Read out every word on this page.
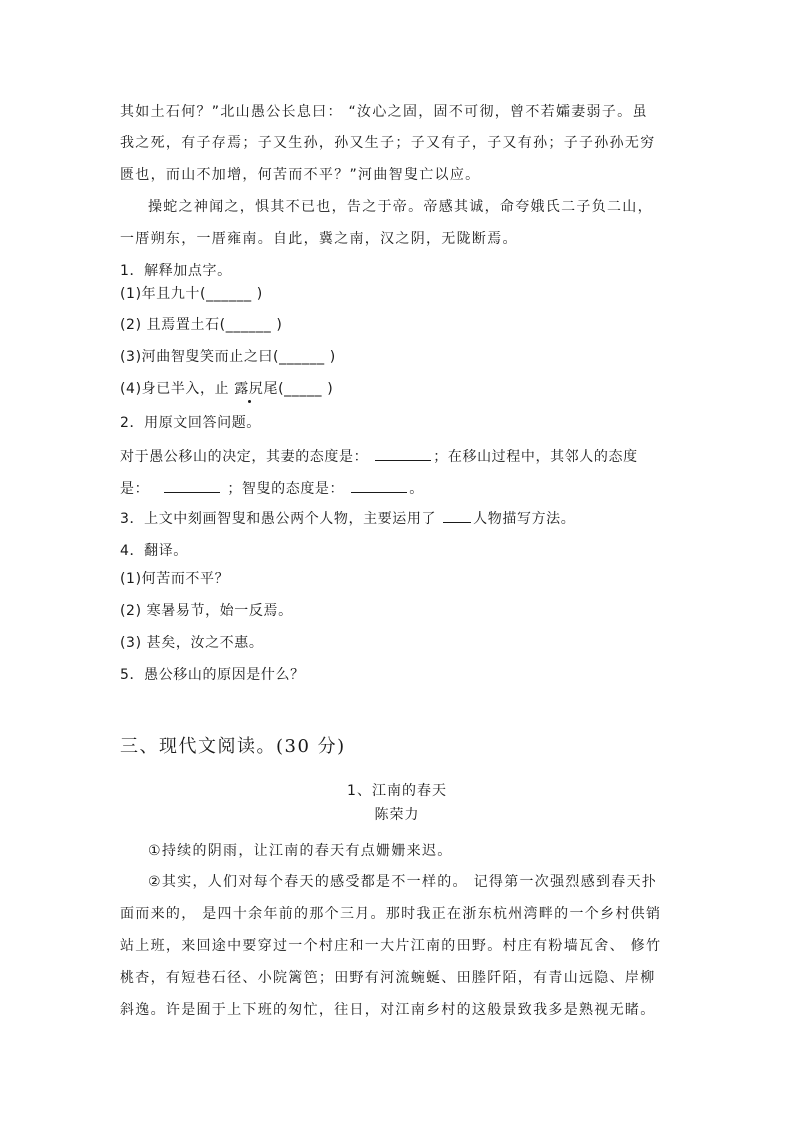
其如土石何？”北山愚公长息曰： “汝心之固，固不可彻，曾不若孀妻弱子。虽
我之死，有子存焉；子又生孙，孙又生子；子又有子，子又有孙；子子孙孙无穷
匮也，而山不加增，何苦而不平？”河曲智叟亡以应。
操蛇之神闻之，惧其不已也，告之于帝。帝感其诚，命夸娥氏二子负二山，
一厝朔东，一厝雍南。自此，冀之南，汉之阴，无陇断焉。
1．解释加点字。
(1)年且九十(______ )
(2) 且焉置土石(______ )
(3)河曲智叟笑而止之曰(______ )
(4)身已半入，止 露尻尾(_____ )
2．用原文回答问题。
对于愚公移山的决定，其妻的态度是：	；在移山过程中，其邻人的态度
是：	；智叟的态度是：	。
3．上文中刻画智叟和愚公两个人物，主要运用了	人物描写方法。
4．翻译。
(1)何苦而不平？
(2) 寒暑易节，始一反焉。
(3) 甚矣，汝之不惠。
5．愚公移山的原因是什么？
三、现代文阅读。(30 分)
1、江南的春天
陈荣力
①持续的阴雨，让江南的春天有点姗姗来迟。
②其实，人们对每个春天的感受都是不一样的。 记得第一次强烈感到春天扑
面而来的， 是四十余年前的那个三月。那时我正在浙东杭州湾畔的一个乡村供销
站上班，来回途中要穿过一个村庄和一大片江南的田野。村庄有粉墙瓦舍、 修竹
桃杏，有短巷石径、小院篱笆；田野有河流蜿蜒、田塍阡陌，有青山远隐、岸柳
斜逸。许是囿于上下班的匆忙，往日，对江南乡村的这般景致我多是熟视无睹。
